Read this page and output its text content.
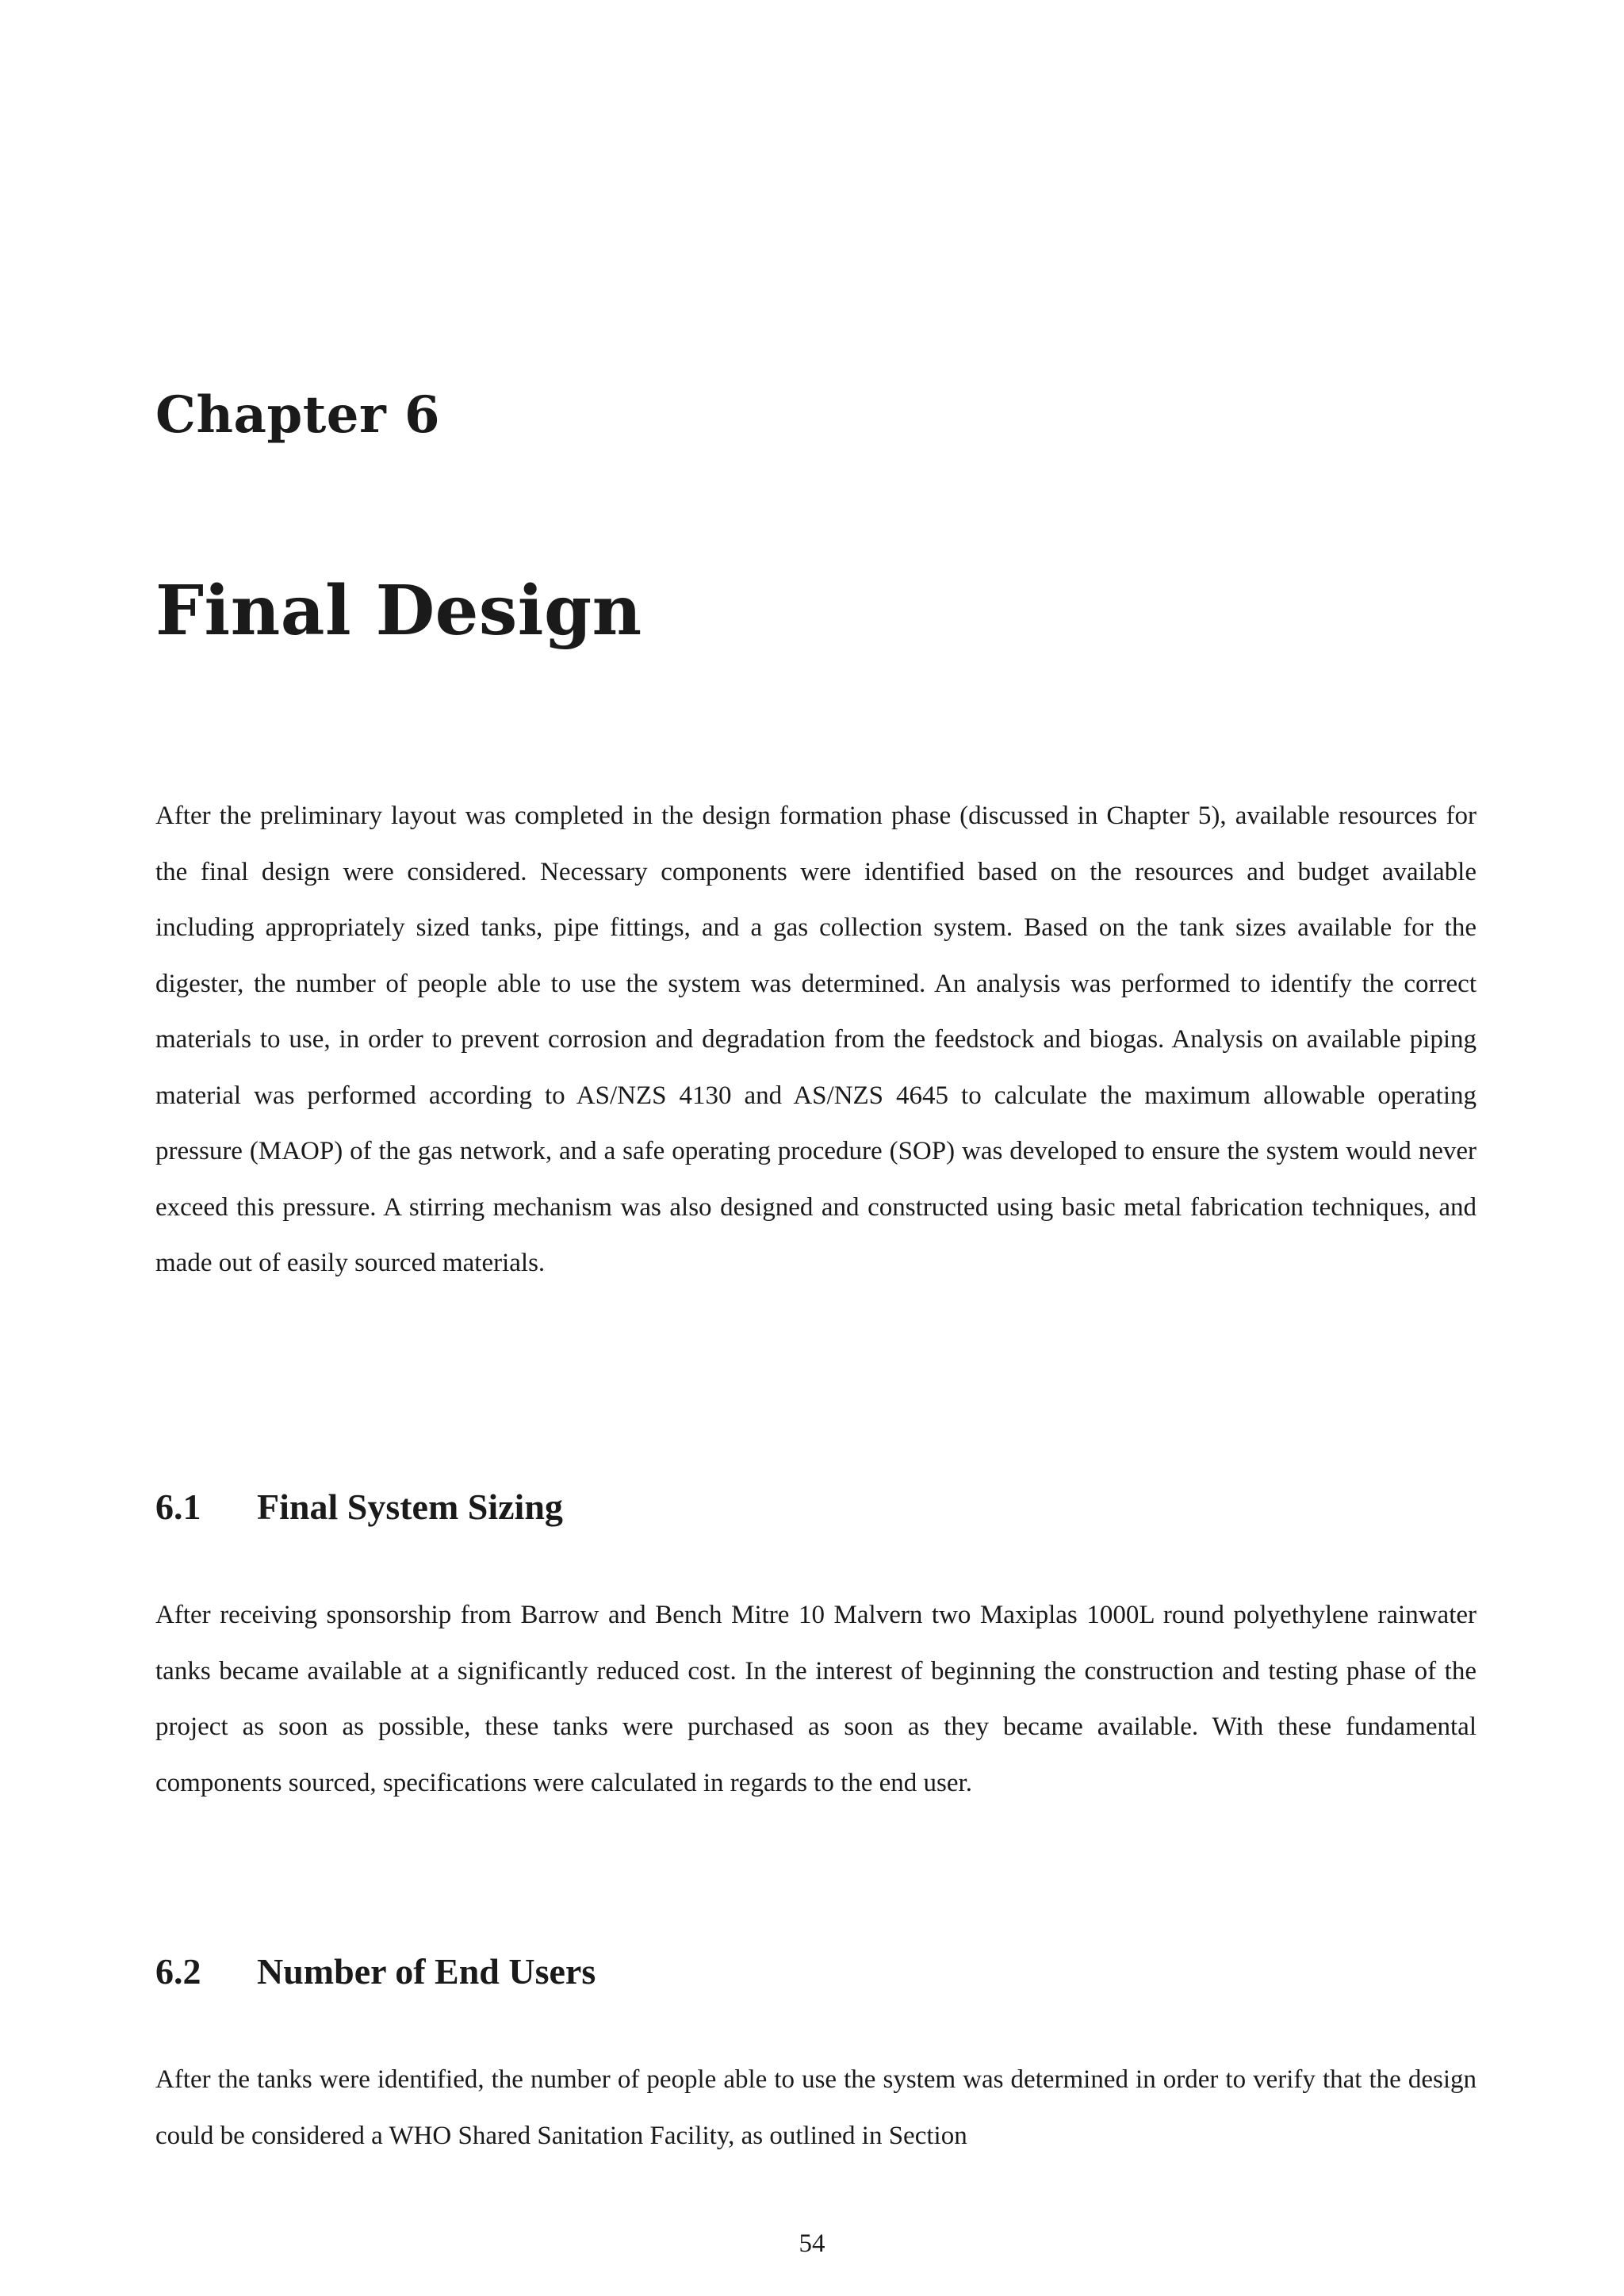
Chapter 6
Final Design

After the preliminary layout was completed in the design formation phase (discussed in Chapter 5), available resources for the final design were considered. Necessary components were identified based on the resources and budget available including appropriately sized tanks, pipe fittings, and a gas collection system. Based on the tank sizes available for the digester, the number of people able to use the system was determined. An analysis was performed to identify the correct materials to use, in order to prevent corrosion and degradation from the feedstock and biogas. Analysis on available piping material was performed according to AS/NZS 4130 and AS/NZS 4645 to calculate the maximum allowable operating pressure (MAOP) of the gas network, and a safe operating procedure (SOP) was developed to ensure the system would never exceed this pressure. A stirring mechanism was also designed and constructed using basic metal fabrication techniques, and made out of easily sourced materials.

6.1 Final System Sizing

After receiving sponsorship from Barrow and Bench Mitre 10 Malvern two Maxiplas 1000L round polyethylene rainwater tanks became available at a significantly reduced cost. In the interest of beginning the construction and testing phase of the project as soon as possible, these tanks were purchased as soon as they became available. With these fundamental components sourced, specifications were calculated in regards to the end user.

6.2 Number of End Users

After the tanks were identified, the number of people able to use the system was determined in order to verify that the design could be considered a WHO Shared Sanitation Facility, as outlined in Section

54
